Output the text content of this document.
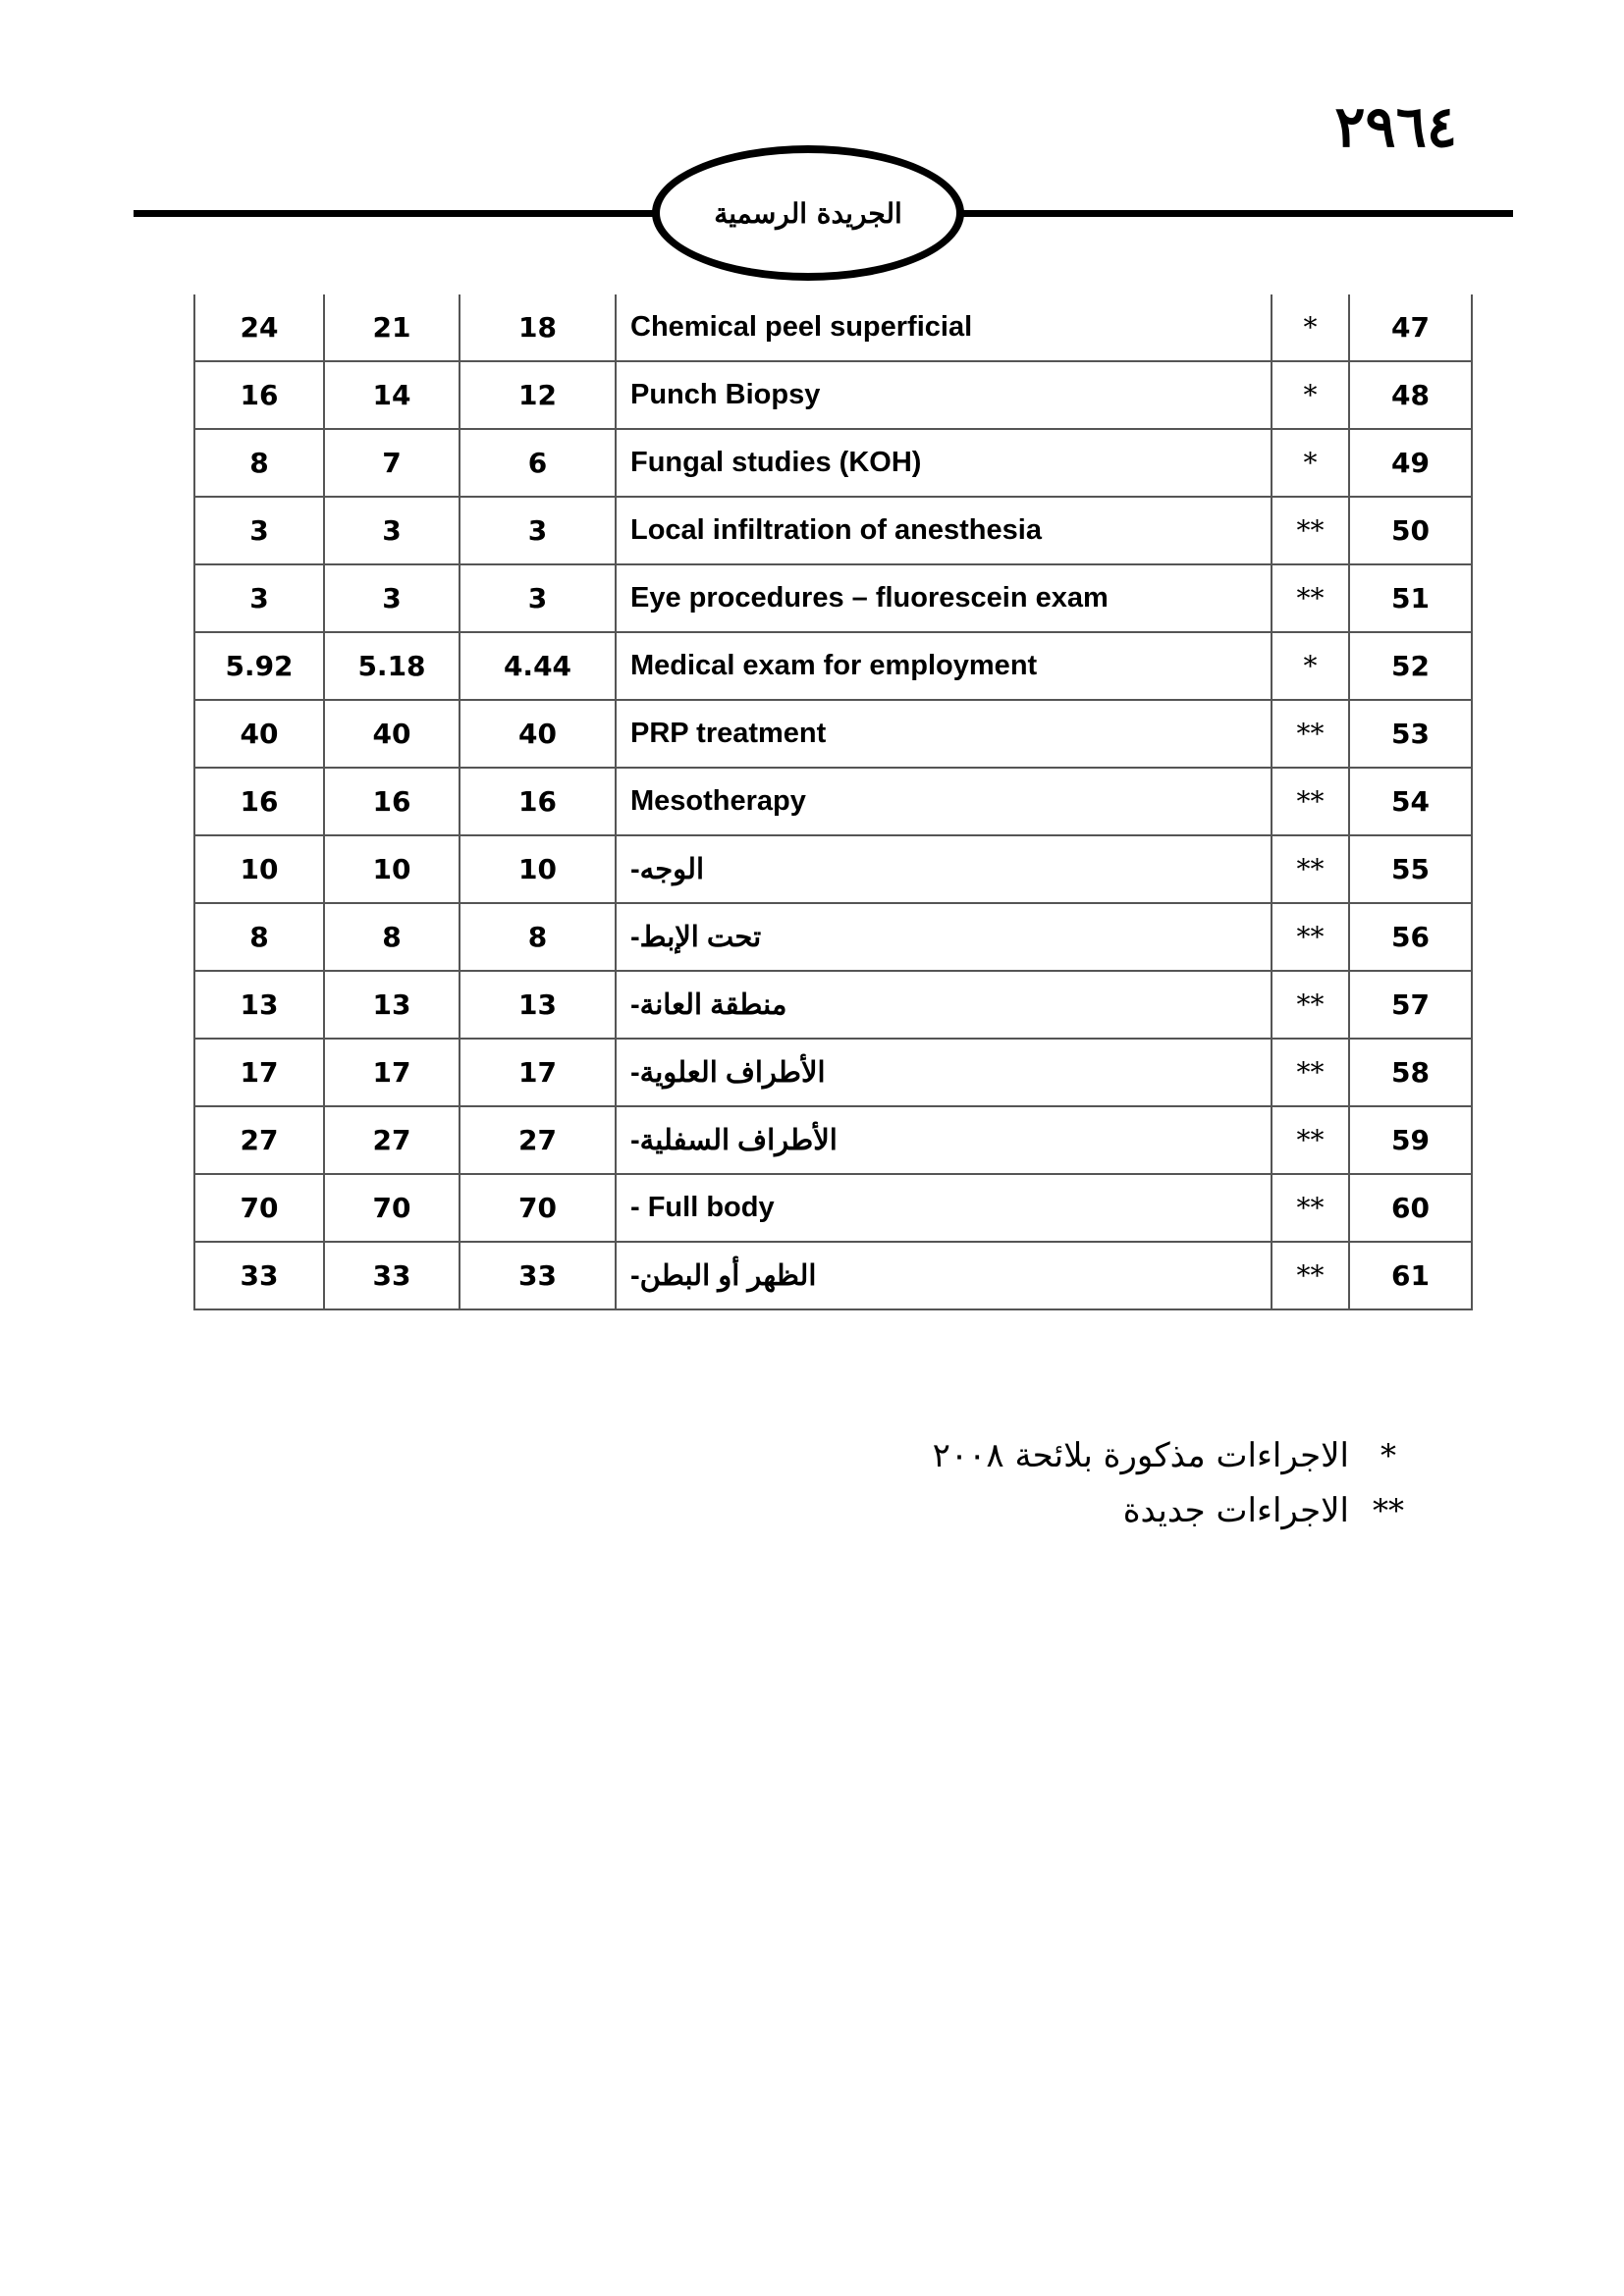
٢٩٦٤
الجريدة الرسمية
24	21	18	Chemical peel superficial	*	47
16	14	12	Punch Biopsy	*	48
8	7	6	Fungal studies (KOH)	*	49
3	3	3	Local infiltration of anesthesia	**	50
3	3	3	Eye procedures – fluorescein exam	**	51
5.92	5.18	4.44	Medical exam for employment	*	52
40	40	40	PRP treatment	**	53
16	16	16	Mesotherapy	**	54
10	10	10	-الوجه	**	55
8	8	8	-تحت الإبط	**	56
13	13	13	-منطقة العانة	**	57
17	17	17	-الأطراف العلوية	**	58
27	27	27	-الأطراف السفلية	**	59
70	70	70	- Full body	**	60
33	33	33	-الظهر أو البطن	**	61
*
الاجراءات مذكورة بلائحة ٢٠٠٨
**
الاجراءات جديدة
